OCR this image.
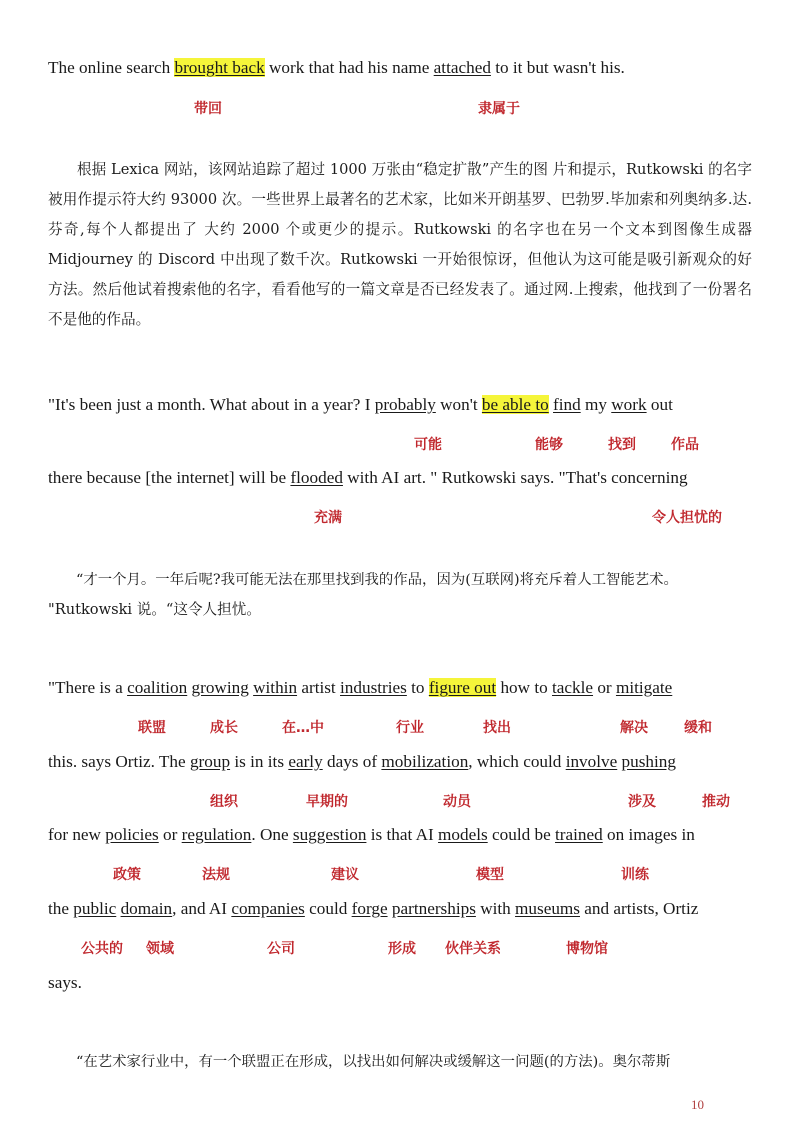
The online search brought back work that had his name attached to it but wasn't his.
带回	隶属于
根据 Lexica 网站，该网站追踪了超过 1000 万张由“稳定扩散”产生的图 片和提示，Rutkowski 的名字被用作提示符大约 93000 次。一些世界上最著名的艺术家，比如米开朗基罗、巴勃罗.毕加索和列奥纳多.达.芬奇,每个人都提出了 大约 2000 个或更少的提示。Rutkowski 的名字也在另一个文本到图像生成器 Midjourney 的 Discord 中出现了数千次。Rutkowski 一开始很惊讶，但他认为这可能是吸引新观众的好方法。然后他试着搜索他的名字，看看他写的一篇文章是否已经发表了。通过网.上搜索，他找到了一份署名不是他的作品。
"It's been just a month. What about in a year? I probably won't be able to find my work out
可能	能够	找到	作品
there because [the internet] will be flooded with AI art. " Rutkowski says. "That's concerning
充满	令人担忧的
“才一个月。一年后呢?我可能无法在那里找到我的作品，因为(互联网)将充斥着人工智能艺术。
"Rutkowski 说。“这令人担忧。
"There is a coalition growing within artist industries to figure out how to tackle or mitigate
联盟	成长	在…中	行业	找出	解决	缓和
this. says Ortiz. The group is in its early days of mobilization, which could involve pushing
组织	早期的	动员	涉及	推动
for new policies or regulation. One suggestion is that AI models could be trained on images in
政策	法规	建议	模型	训练
the public domain, and AI companies could forge partnerships with museums and artists, Ortiz
公共的 领域	公司	形成 伙伴关系	博物馆
says.
“在艺术家行业中，有一个联盟正在形成，以找出如何解决或缓解这一问题(的方法)。奥尔蒂斯
10
